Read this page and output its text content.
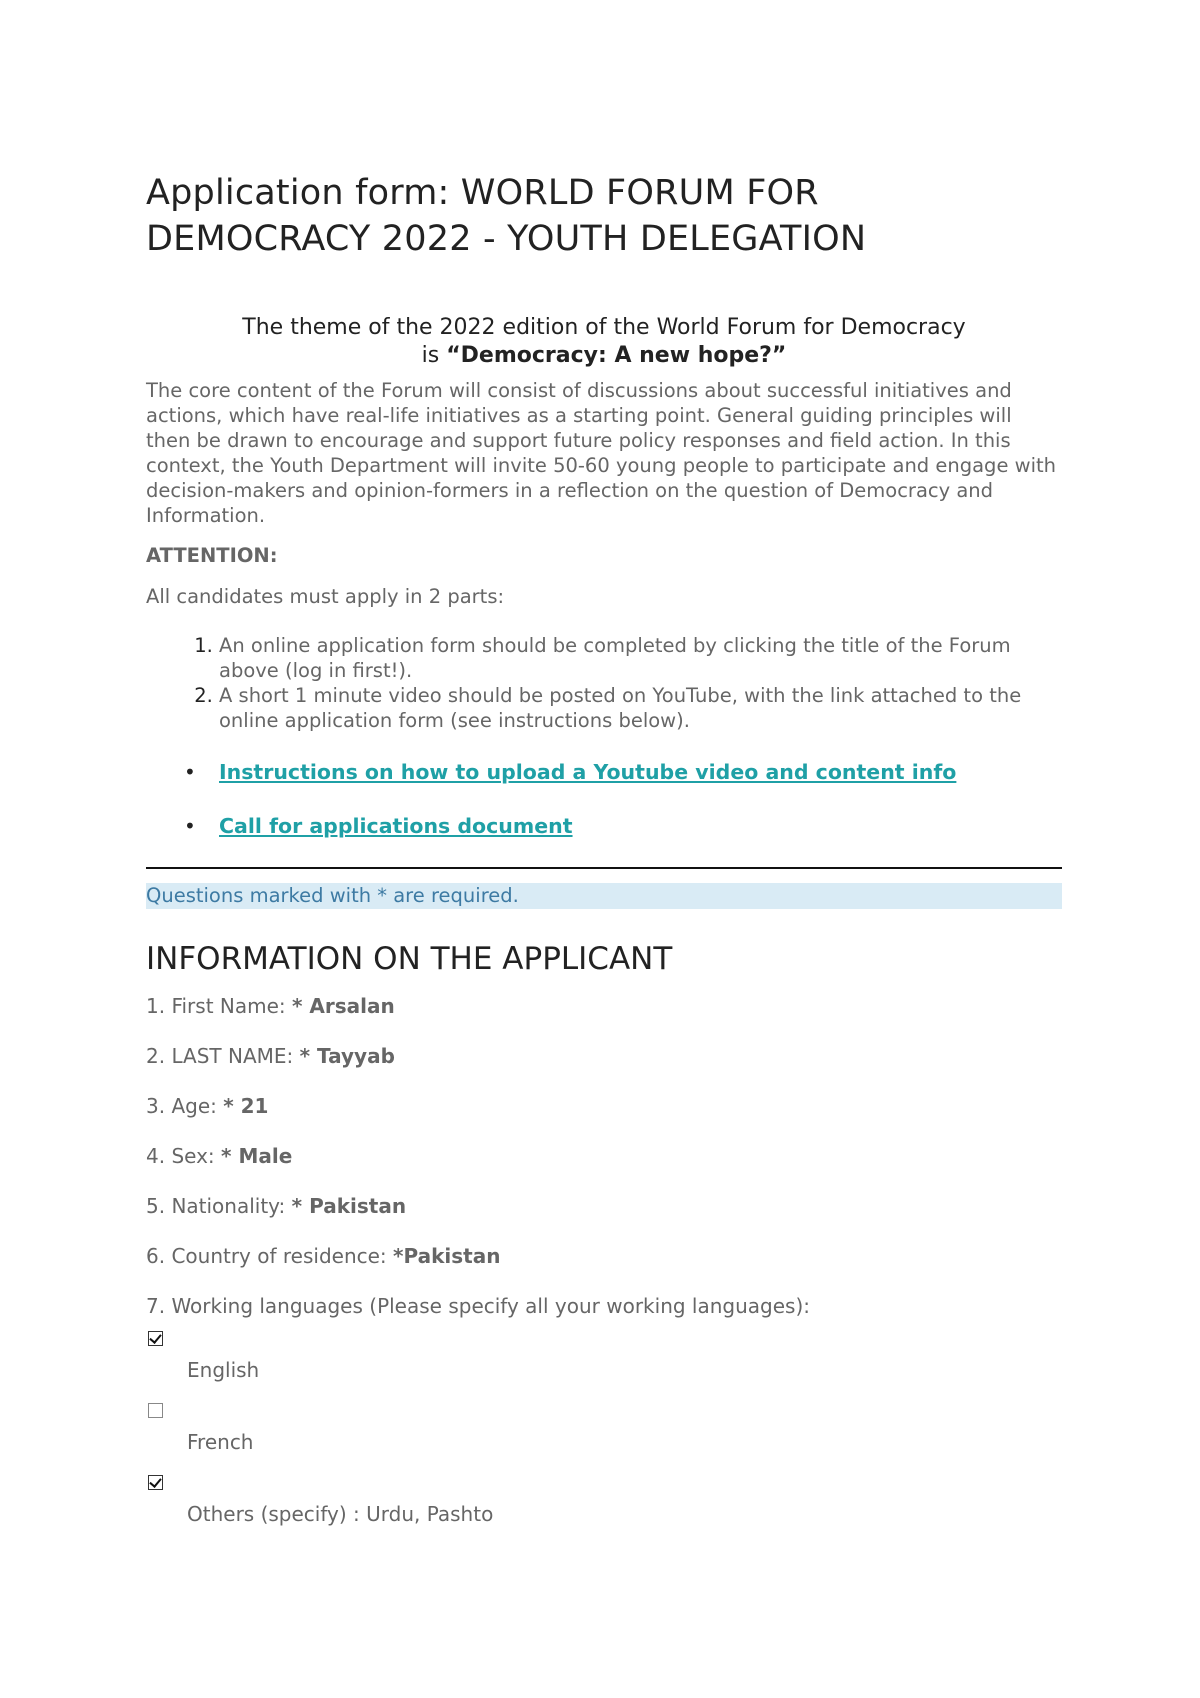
Application form: WORLD FORUM FOR
DEMOCRACY 2022 - YOUTH DELEGATION
The theme of the 2022 edition of the World Forum for Democracy
is “Democracy: A new hope?”
The core content of the Forum will consist of discussions about successful initiatives and actions, which have real-life initiatives as a starting point. General guiding principles will then be drawn to encourage and support future policy responses and field action. In this context, the Youth Department will invite 50-60 young people to participate and engage with decision-makers and opinion-formers in a reflection on the question of Democracy and Information.
ATTENTION:
All candidates must apply in 2 parts:
1. An online application form should be completed by clicking the title of the Forum above (log in first!).
2. A short 1 minute video should be posted on YouTube, with the link attached to the online application form (see instructions below).
• Instructions on how to upload a Youtube video and content info
• Call for applications document
Questions marked with * are required.
INFORMATION ON THE APPLICANT
1. First Name: * Arsalan
2. LAST NAME: * Tayyab
3. Age: * 21
4. Sex: * Male
5. Nationality: * Pakistan
6. Country of residence: *Pakistan
7. Working languages (Please specify all your working languages):
English
French
Others (specify) : Urdu, Pashto
